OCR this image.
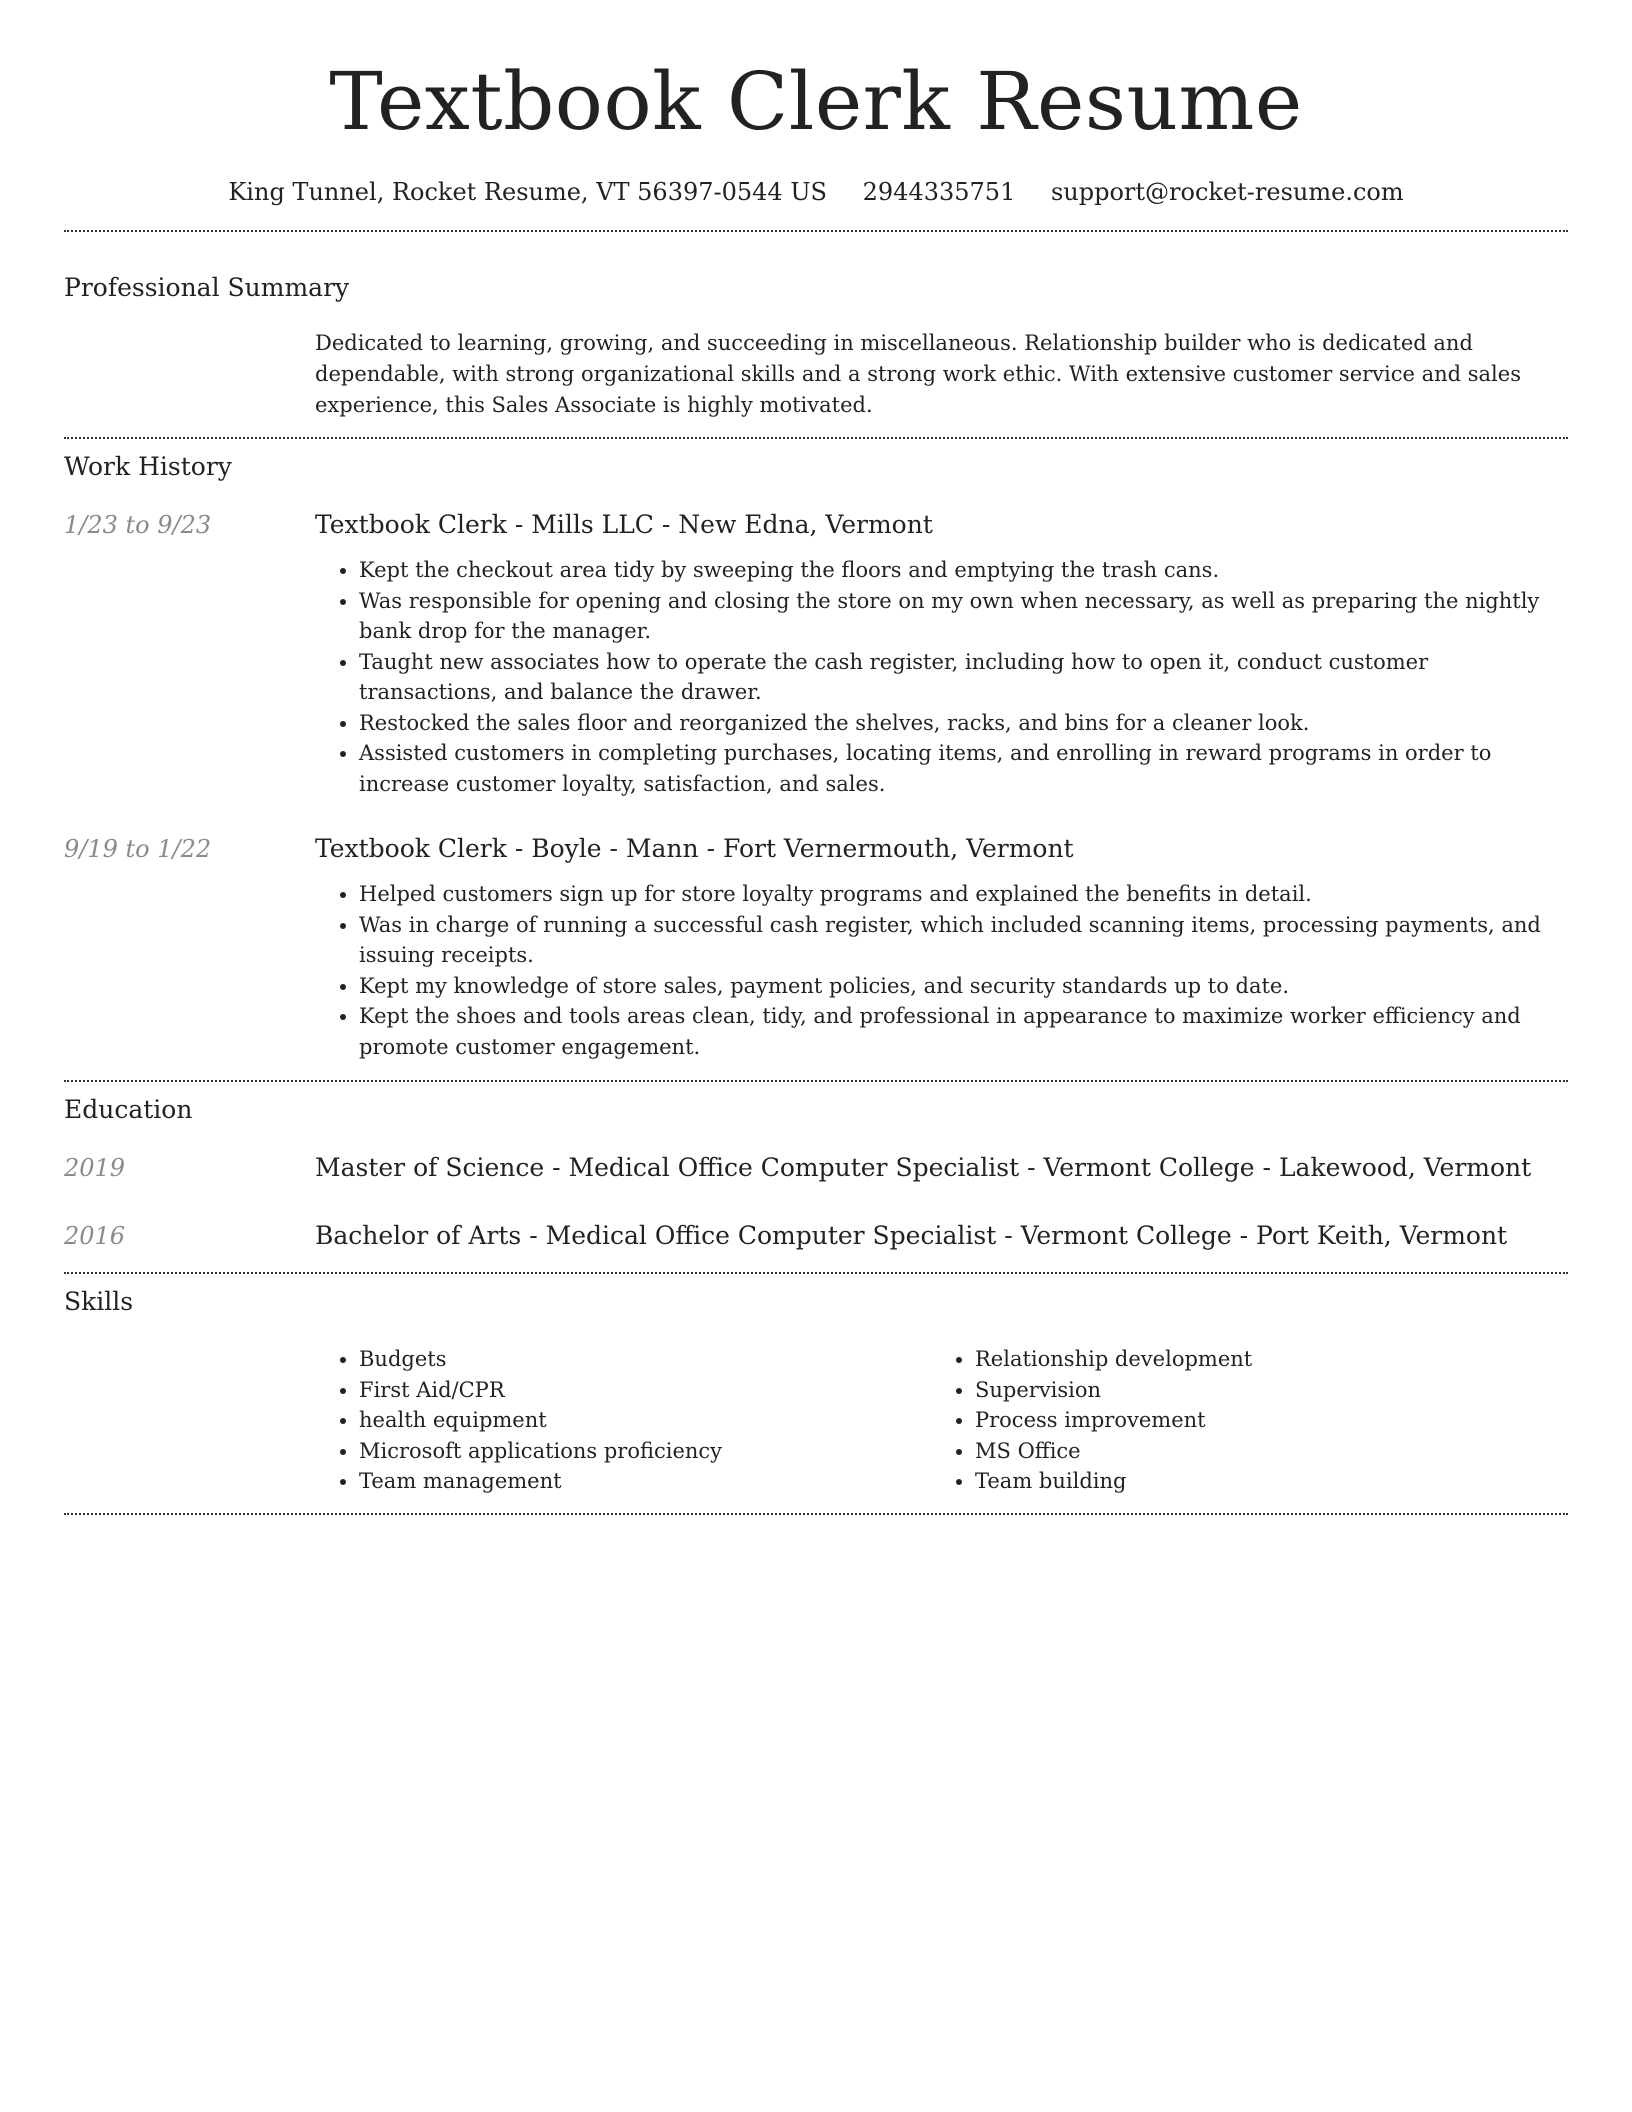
Textbook Clerk Resume
King Tunnel, Rocket Resume, VT 56397-0544 US 2944335751 support@rocket-resume.com
Professional Summary

Dedicated to learning, growing, and succeeding in miscellaneous. Relationship builder who is dedicated and dependable, with strong organizational skills and a strong work ethic. With extensive customer service and sales experience, this Sales Associate is highly motivated.

Work History
1/23 to 9/23	Textbook Clerk - Mills LLC - New Edna, Vermont
• Kept the checkout area tidy by sweeping the floors and emptying the trash cans.
• Was responsible for opening and closing the store on my own when necessary, as well as preparing the nightly bank drop for the manager.
• Taught new associates how to operate the cash register, including how to open it, conduct customer transactions, and balance the drawer.
• Restocked the sales floor and reorganized the shelves, racks, and bins for a cleaner look.
• Assisted customers in completing purchases, locating items, and enrolling in reward programs in order to increase customer loyalty, satisfaction, and sales.
9/19 to 1/22	Textbook Clerk - Boyle - Mann - Fort Vernermouth, Vermont
• Helped customers sign up for store loyalty programs and explained the benefits in detail.
• Was in charge of running a successful cash register, which included scanning items, processing payments, and issuing receipts.
• Kept my knowledge of store sales, payment policies, and security standards up to date.
• Kept the shoes and tools areas clean, tidy, and professional in appearance to maximize worker efficiency and promote customer engagement.
Education
2019	Master of Science - Medical Office Computer Specialist - Vermont College - Lakewood, Vermont
2016	Bachelor of Arts - Medical Office Computer Specialist - Vermont College - Port Keith, Vermont
Skills
• Budgets
• First Aid/CPR
• health equipment
• Microsoft applications proficiency
• Team management
• Relationship development
• Supervision
• Process improvement
• MS Office
• Team building
